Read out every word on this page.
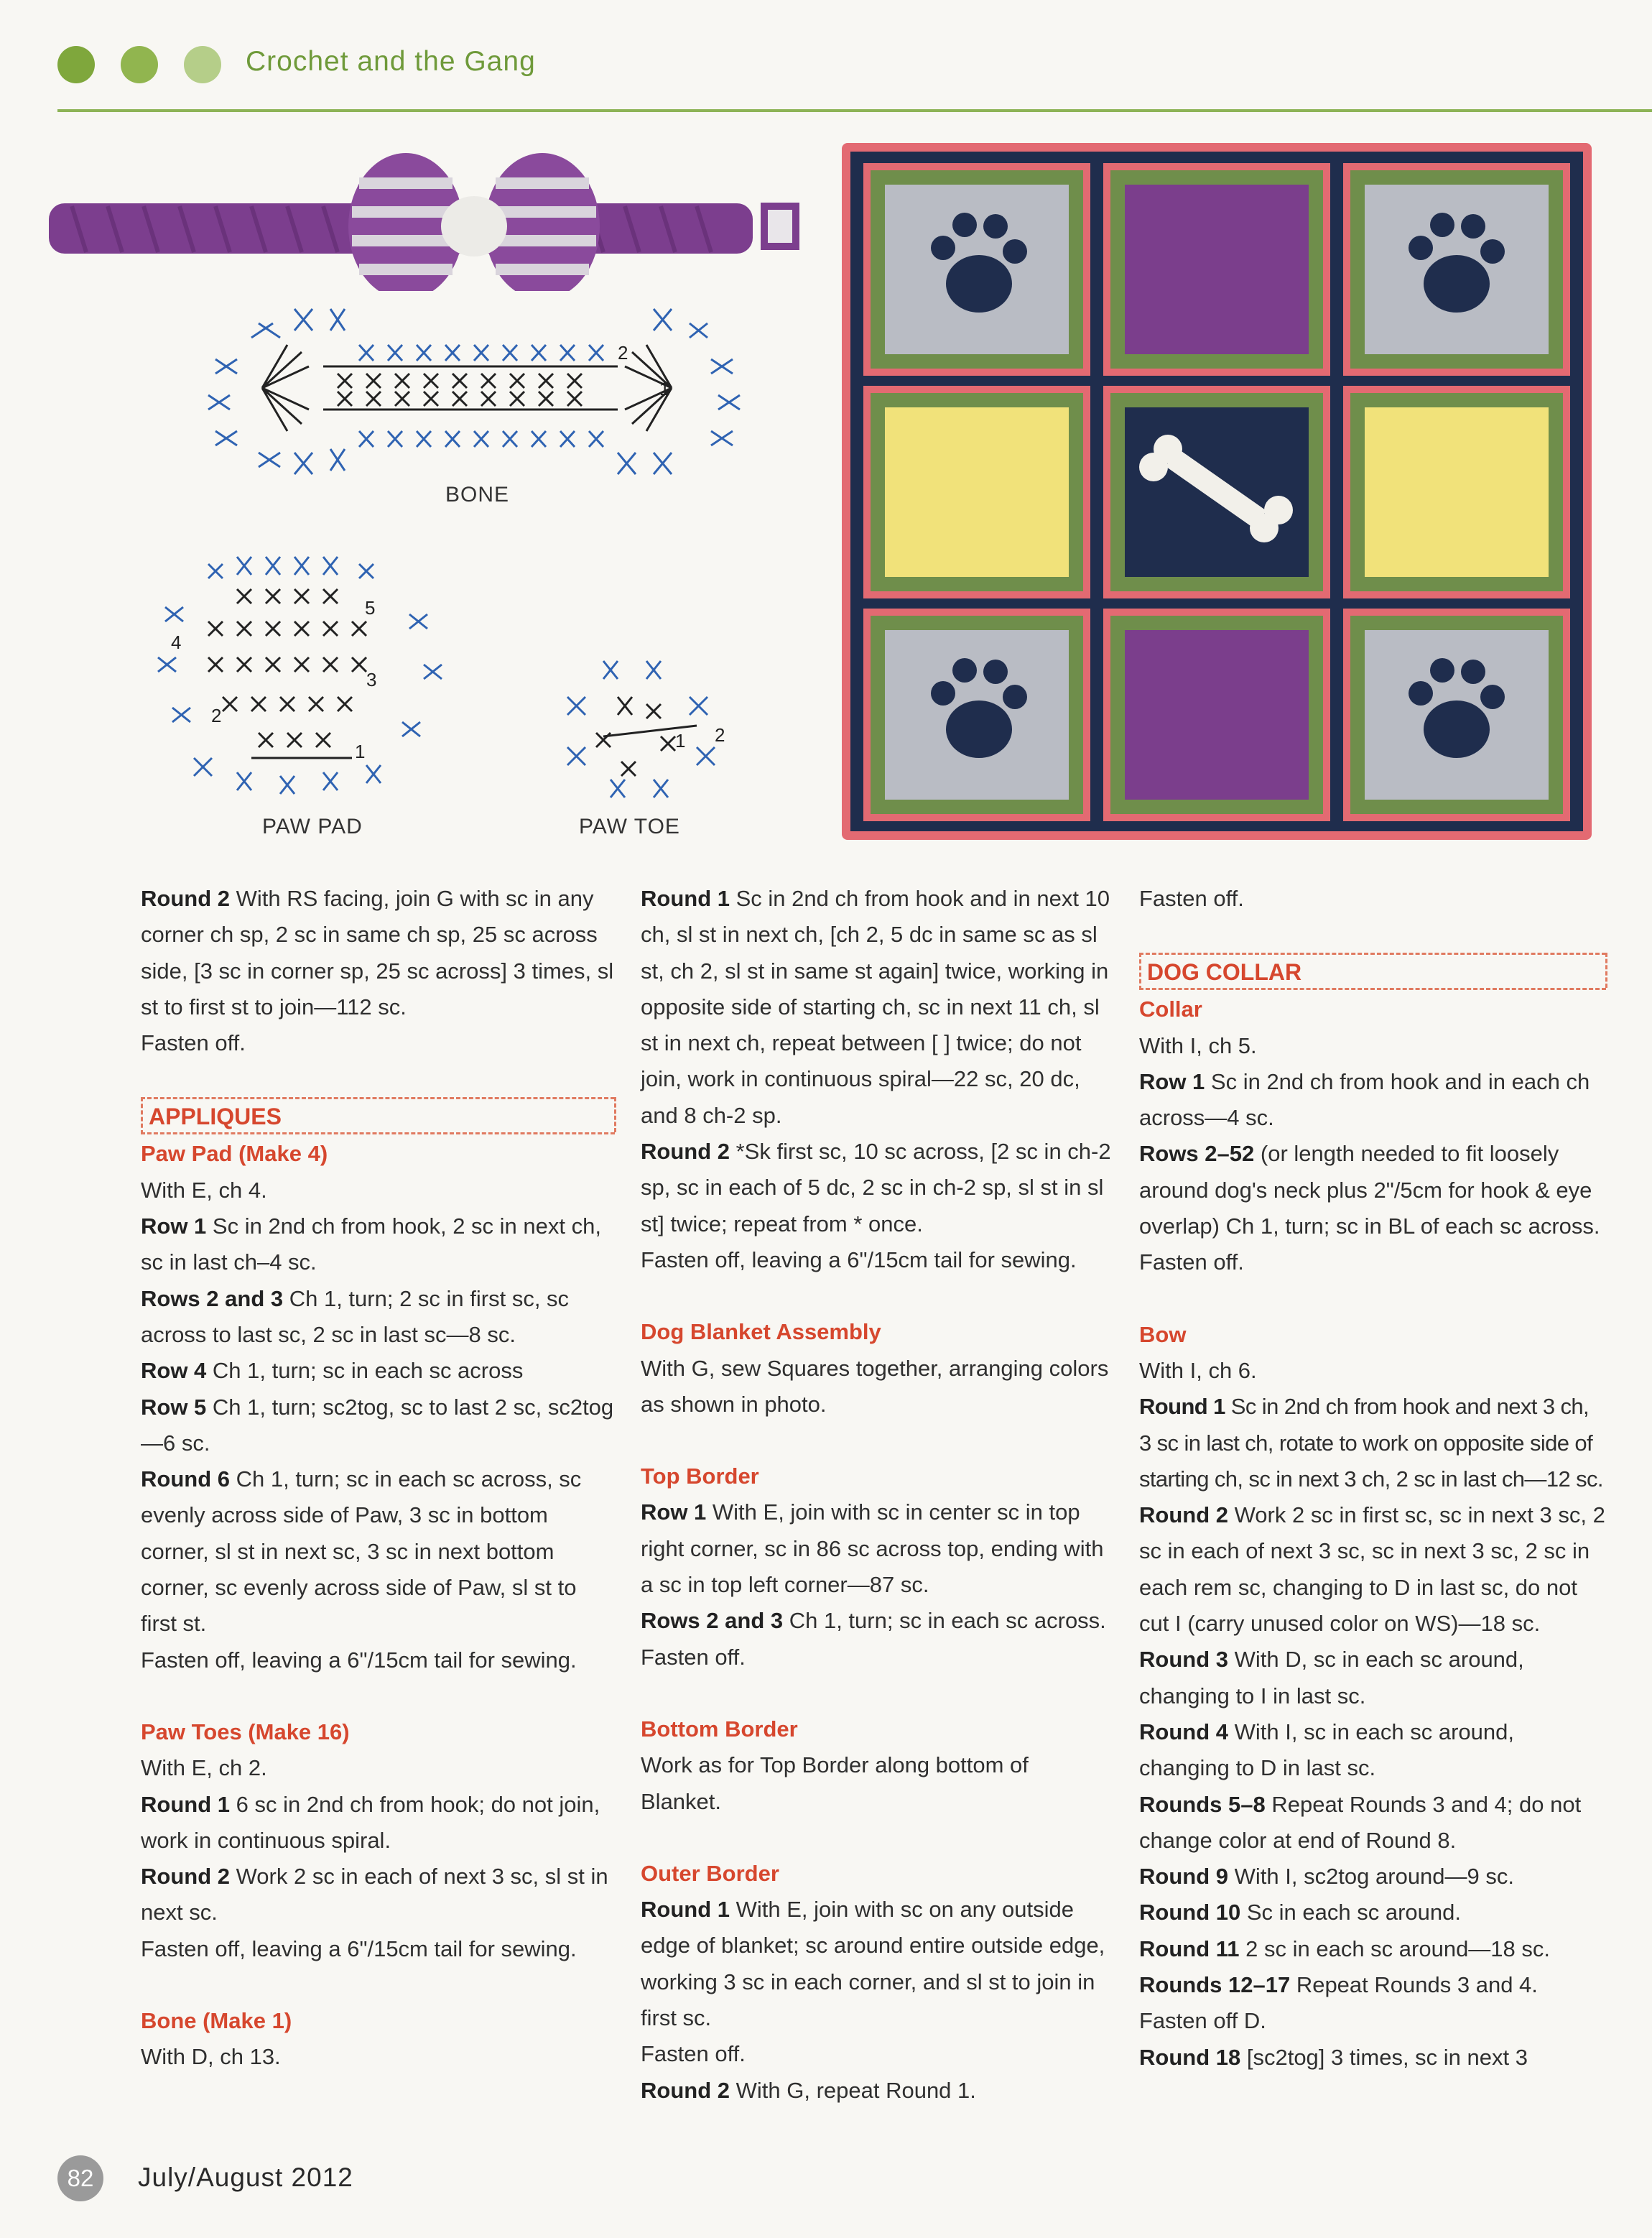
Crochet and the Gang
2
1
BONE
5
4
3
2
1
PAW PAD
1 2
PAW TOE

Round 2 With RS facing, join G with sc in any corner ch sp, 2 sc in same ch sp, 25 sc across side, [3 sc in corner sp, 25 sc across] 3 times, sl st to first st to join—112 sc.

Fasten off.

APPLIQUES

Paw Pad (Make 4)

With E, ch 4.

Row 1 Sc in 2nd ch from hook, 2 sc in next ch, sc in last ch–4 sc.

Rows 2 and 3 Ch 1, turn; 2 sc in first sc, sc across to last sc, 2 sc in last sc—8 sc.

Row 4 Ch 1, turn; sc in each sc across

Row 5 Ch 1, turn; sc2tog, sc to last 2 sc, sc2tog—6 sc.

Round 6 Ch 1, turn; sc in each sc across, sc evenly across side of Paw, 3 sc in bottom corner, sl st in next sc, 3 sc in next bottom corner, sc evenly across side of Paw, sl st to first st.

Fasten off, leaving a 6"/15cm tail for sewing.

Paw Toes (Make 16)

With E, ch 2.

Round 1 6 sc in 2nd ch from hook; do not join, work in continuous spiral.

Round 2 Work 2 sc in each of next 3 sc, sl st in next sc.

Fasten off, leaving a 6"/15cm tail for sewing.

Bone (Make 1)

With D, ch 13.

Round 1 Sc in 2nd ch from hook and in next 10 ch, sl st in next ch, [ch 2, 5 dc in same sc as sl st, ch 2, sl st in same st again] twice, working in opposite side of starting ch, sc in next 11 ch, sl st in next ch, repeat between [ ] twice; do not join, work in continuous spiral—22 sc, 20 dc, and 8 ch-2 sp.

Round 2 *Sk first sc, 10 sc across, [2 sc in ch-2 sp, sc in each of 5 dc, 2 sc in ch-2 sp, sl st in sl st] twice; repeat from * once.

Fasten off, leaving a 6"/15cm tail for sewing.

Dog Blanket Assembly

With G, sew Squares together, arranging colors as shown in photo.

Top Border

Row 1 With E, join with sc in center sc in top right corner, sc in 86 sc across top, ending with a sc in top left corner—87 sc.

Rows 2 and 3 Ch 1, turn; sc in each sc across.

Fasten off.

Bottom Border

Work as for Top Border along bottom of Blanket.

Outer Border

Round 1 With E, join with sc on any outside edge of blanket; sc around entire outside edge, working 3 sc in each corner, and sl st to join in first sc.

Fasten off.

Round 2 With G, repeat Round 1.

Fasten off.

DOG COLLAR

Collar

With I, ch 5.

Row 1 Sc in 2nd ch from hook and in each ch across—4 sc.

Rows 2–52 (or length needed to fit loosely around dog's neck plus 2"/5cm for hook & eye overlap) Ch 1, turn; sc in BL of each sc across.

Fasten off.

Bow

With I, ch 6.

Round 1 Sc in 2nd ch from hook and next 3 ch, 3 sc in last ch, rotate to work on opposite side of starting ch, sc in next 3 ch, 2 sc in last ch—12 sc.

Round 2 Work 2 sc in first sc, sc in next 3 sc, 2 sc in each of next 3 sc, sc in next 3 sc, 2 sc in each rem sc, changing to D in last sc, do not cut I (carry unused color on WS)—18 sc.

Round 3 With D, sc in each sc around, changing to I in last sc.

Round 4 With I, sc in each sc around, changing to D in last sc.

Rounds 5–8 Repeat Rounds 3 and 4; do not change color at end of Round 8.

Round 9 With I, sc2tog around—9 sc.

Round 10 Sc in each sc around.

Round 11 2 sc in each sc around—18 sc.

Rounds 12–17 Repeat Rounds 3 and 4.

Fasten off D.

Round 18 [sc2tog] 3 times, sc in next 3

82	July/August 2012
